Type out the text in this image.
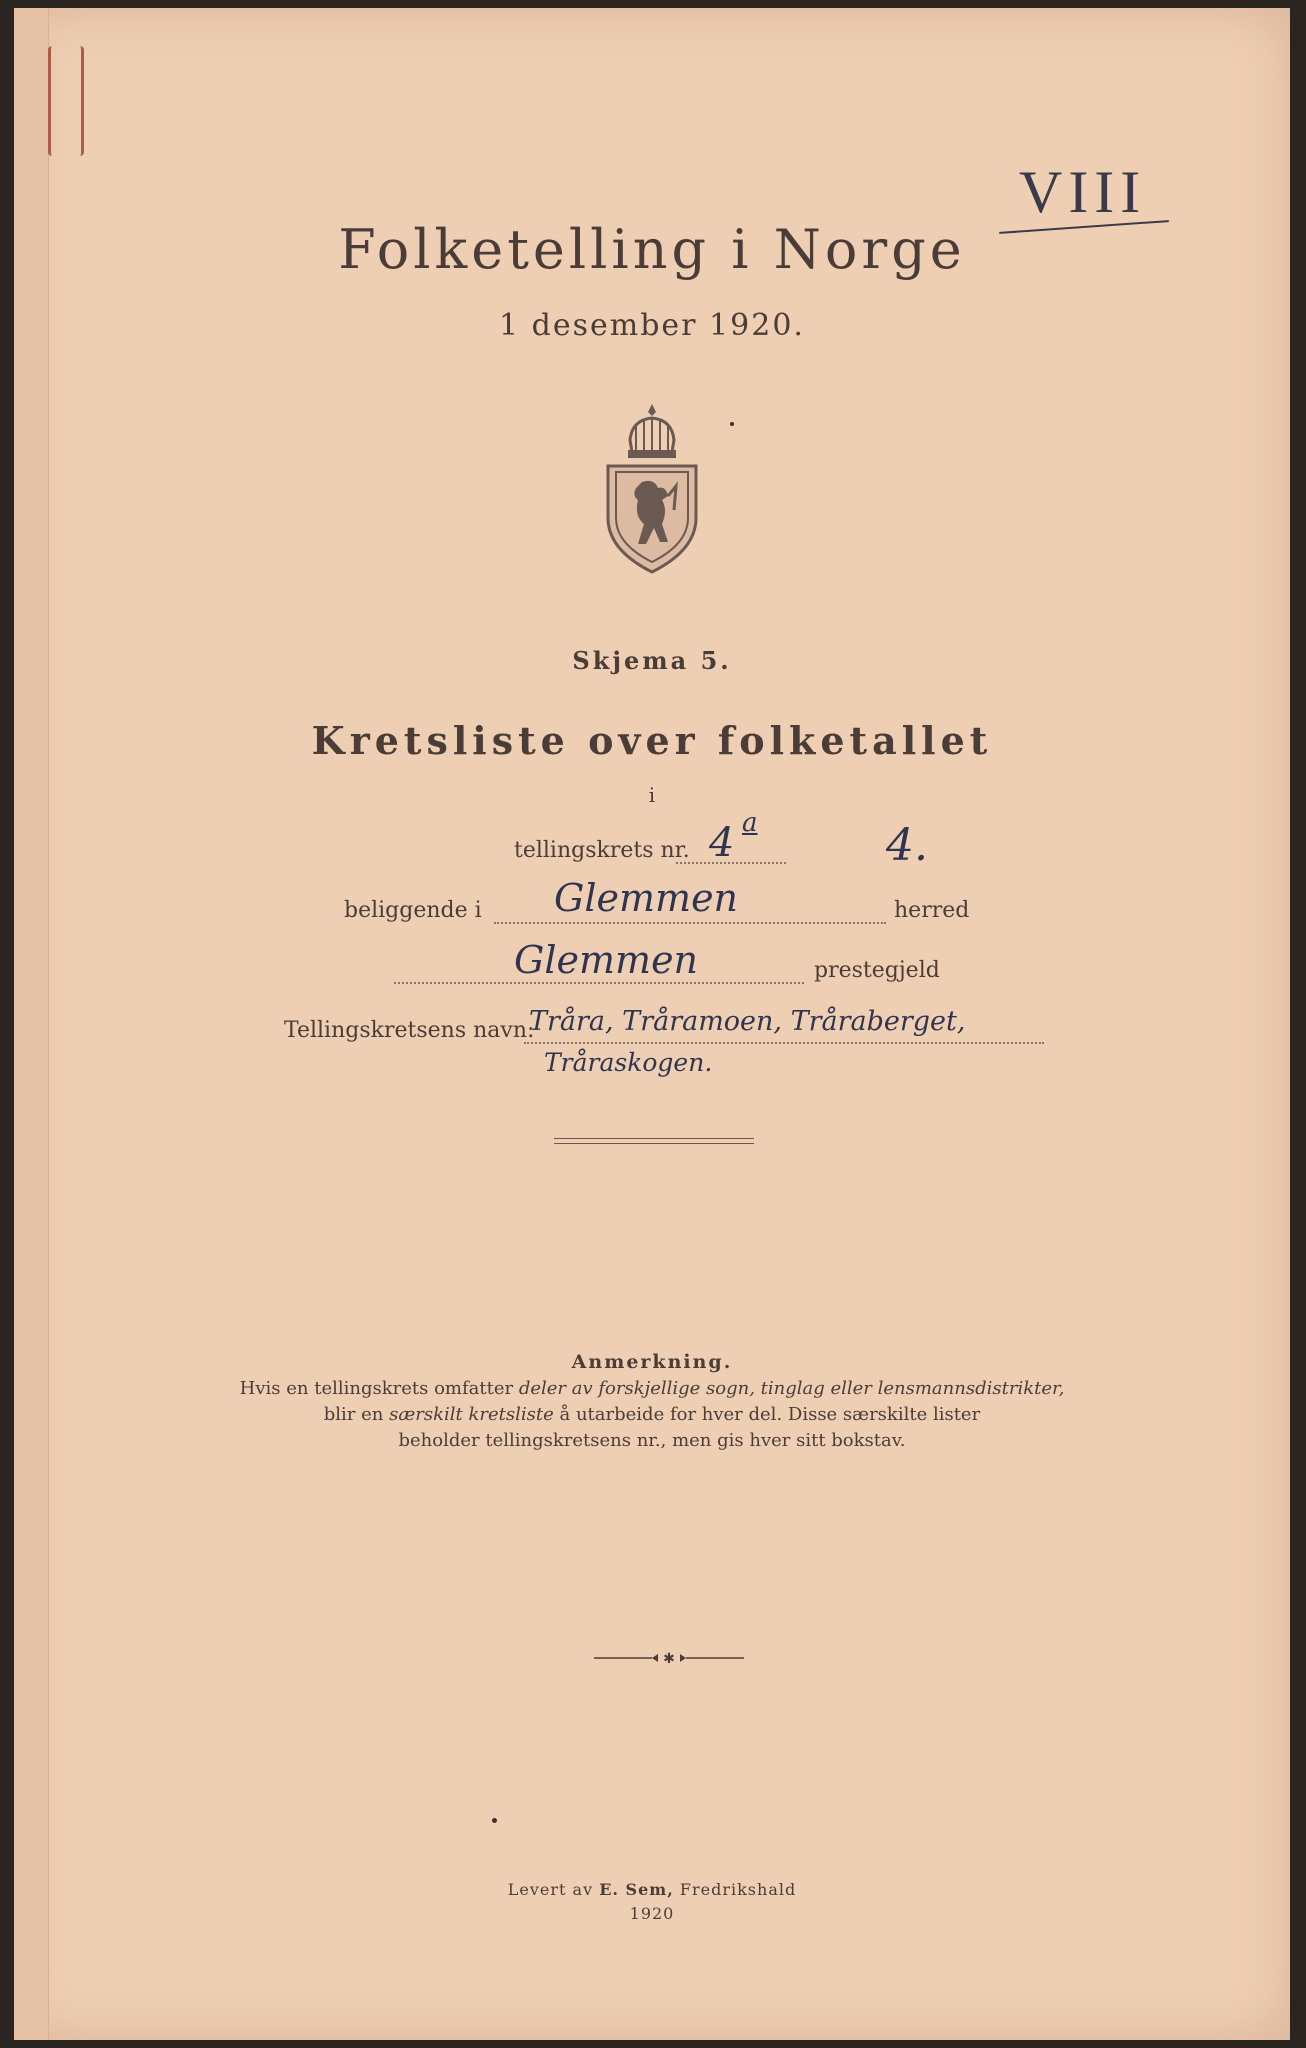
VIII
Folketelling i Norge
1 desember 1920.
Skjema 5.
Kretsliste over folketallet
i
tellingskrets nr. 4 a	4.
beliggende i Glemmen	herred
Glemmen	prestegjeld
Tellingskretsens navn:
Tråra, Tråramoen, Tråraberget,
Tråraskogen.
Anmerkning.
Hvis en tellingskrets omfatter deler av forskjellige sogn, tinglag eller lensmannsdistrikter,
blir en særskilt kretsliste å utarbeide for hver del. Disse særskilte lister
beholder tellingskretsens nr., men gis hver sitt bokstav.
✱
Levert av E. Sem, Fredrikshald
1920
